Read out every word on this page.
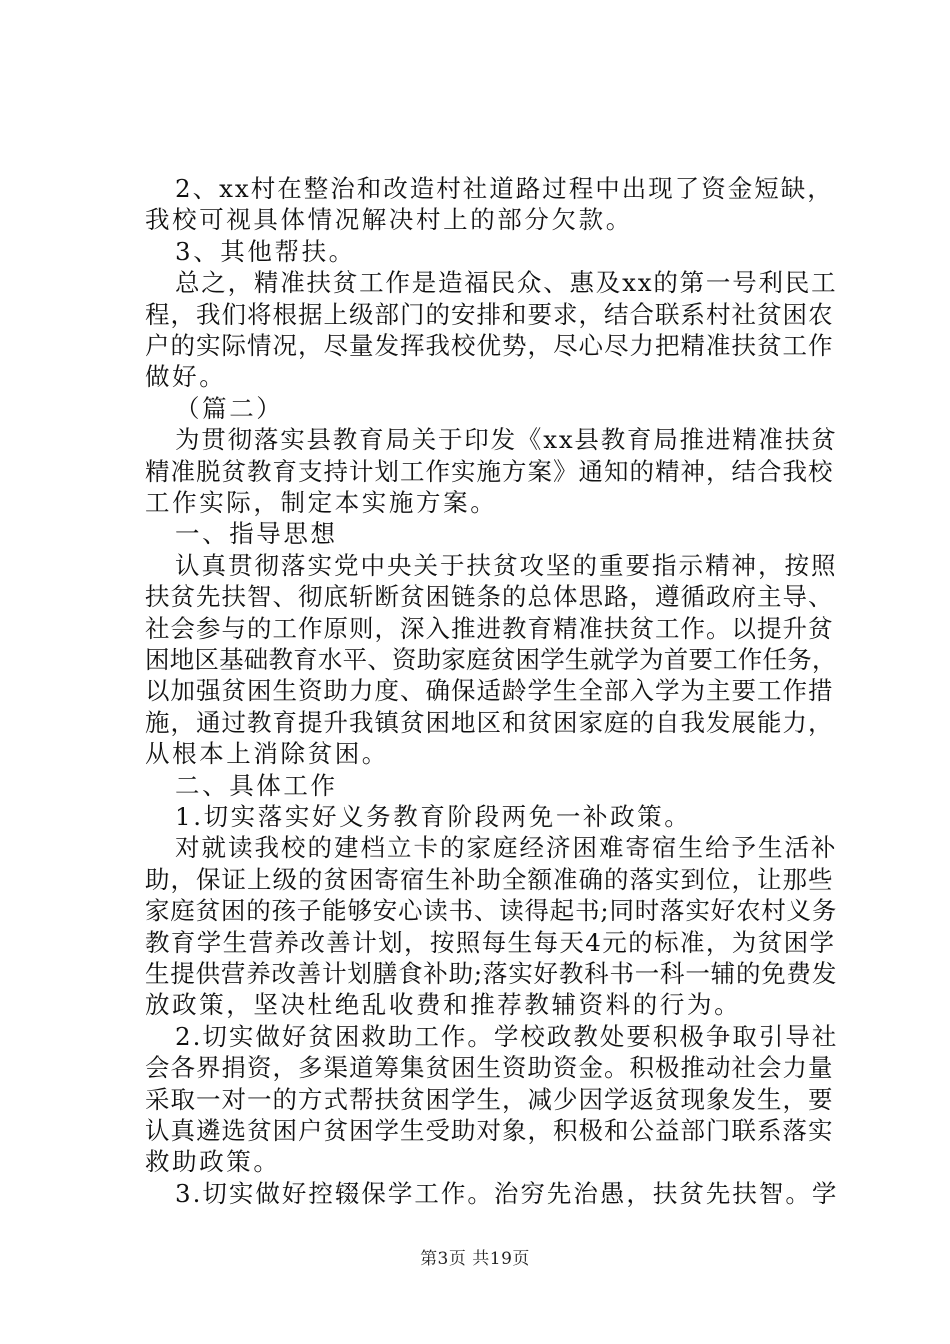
2、xx村在整治和改造村社道路过程中出现了资金短缺，
我校可视具体情况解决村上的部分欠款。
3、其他帮扶。
总之，精准扶贫工作是造福民众、惠及xx的第一号利民工
程，我们将根据上级部门的安排和要求，结合联系村社贫困农
户的实际情况，尽量发挥我校优势，尽心尽力把精准扶贫工作
做好。
（篇二）
为贯彻落实县教育局关于印发《xx县教育局推进精准扶贫
精准脱贫教育支持计划工作实施方案》通知的精神，结合我校
工作实际，制定本实施方案。
一、指导思想
认真贯彻落实党中央关于扶贫攻坚的重要指示精神，按照
扶贫先扶智、彻底斩断贫困链条的总体思路，遵循政府主导、
社会参与的工作原则，深入推进教育精准扶贫工作。以提升贫
困地区基础教育水平、资助家庭贫困学生就学为首要工作任务，
以加强贫困生资助力度、确保适龄学生全部入学为主要工作措
施，通过教育提升我镇贫困地区和贫困家庭的自我发展能力，
从根本上消除贫困。
二、具体工作
1.切实落实好义务教育阶段两免一补政策。
对就读我校的建档立卡的家庭经济困难寄宿生给予生活补
助，保证上级的贫困寄宿生补助全额准确的落实到位，让那些
家庭贫困的孩子能够安心读书、读得起书;同时落实好农村义务
教育学生营养改善计划，按照每生每天4元的标准，为贫困学
生提供营养改善计划膳食补助;落实好教科书一科一辅的免费发
放政策，坚决杜绝乱收费和推荐教辅资料的行为。
2.切实做好贫困救助工作。学校政教处要积极争取引导社
会各界捐资，多渠道筹集贫困生资助资金。积极推动社会力量
采取一对一的方式帮扶贫困学生，减少因学返贫现象发生，要
认真遴选贫困户贫困学生受助对象，积极和公益部门联系落实
救助政策。
3.切实做好控辍保学工作。治穷先治愚，扶贫先扶智。学
第3页 共19页
